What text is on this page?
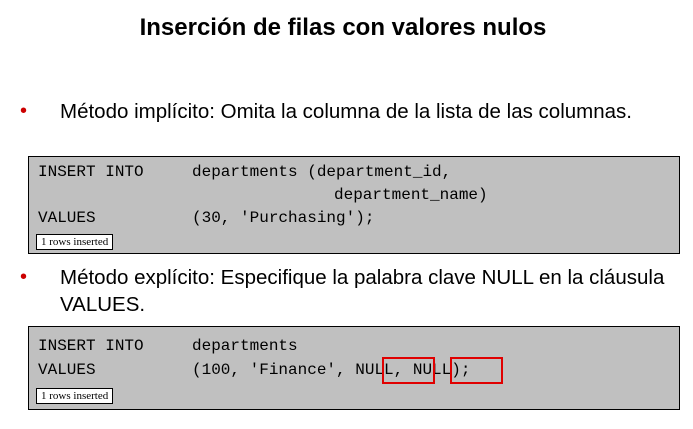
Inserción de filas con valores nulos
• Método implícito: Omita la columna de la lista de las columnas.
INSERT INTO	departments (department_id,
department_name)
VALUES	(30, 'Purchasing');
1 rows inserted
• Método explícito: Especifique la palabra clave NULL en la cláusula VALUES.
INSERT INTO	departments
VALUES	(100, 'Finance', NULL, NULL);
1 rows inserted
